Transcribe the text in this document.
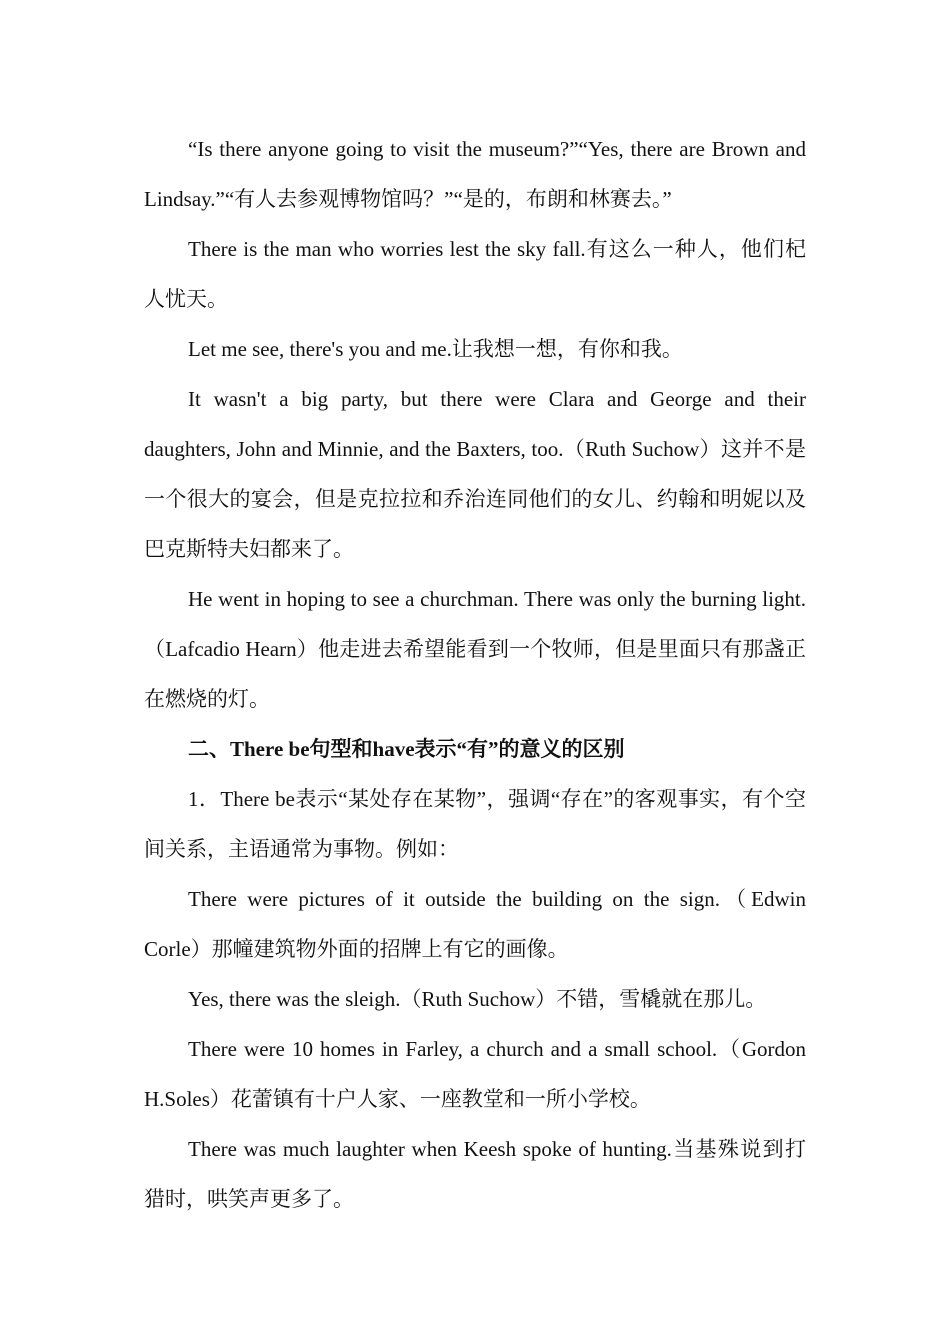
“Is there anyone going to visit the museum?”“Yes, there are Brown and Lindsay.”“有人去参观博物馆吗？”“是的，布朗和林赛去。”

There is the man who worries lest the sky fall.有这么一种人，他们杞人忧天。

Let me see, there's you and me.让我想一想，有你和我。

It wasn't a big party, but there were Clara and George and their daughters, John and Minnie, and the Baxters, too.（Ruth Suchow）这并不是一个很大的宴会，但是克拉拉和乔治连同他们的女儿、约翰和明妮以及巴克斯特夫妇都来了。

He went in hoping to see a churchman. There was only the burning light.（Lafcadio Hearn）他走进去希望能看到一个牧师，但是里面只有那盏正在燃烧的灯。

二、There be句型和have表示“有”的意义的区别

1．There be表示“某处存在某物”，强调“存在”的客观事实，有个空间关系，主语通常为事物。例如：

There were pictures of it outside the building on the sign.（Edwin Corle）那幢建筑物外面的招牌上有它的画像。

Yes, there was the sleigh.（Ruth Suchow）不错，雪橇就在那儿。

There were 10 homes in Farley, a church and a small school.（Gordon H.Soles）花蕾镇有十户人家、一座教堂和一所小学校。

There was much laughter when Keesh spoke of hunting.当基殊说到打猎时，哄笑声更多了。
